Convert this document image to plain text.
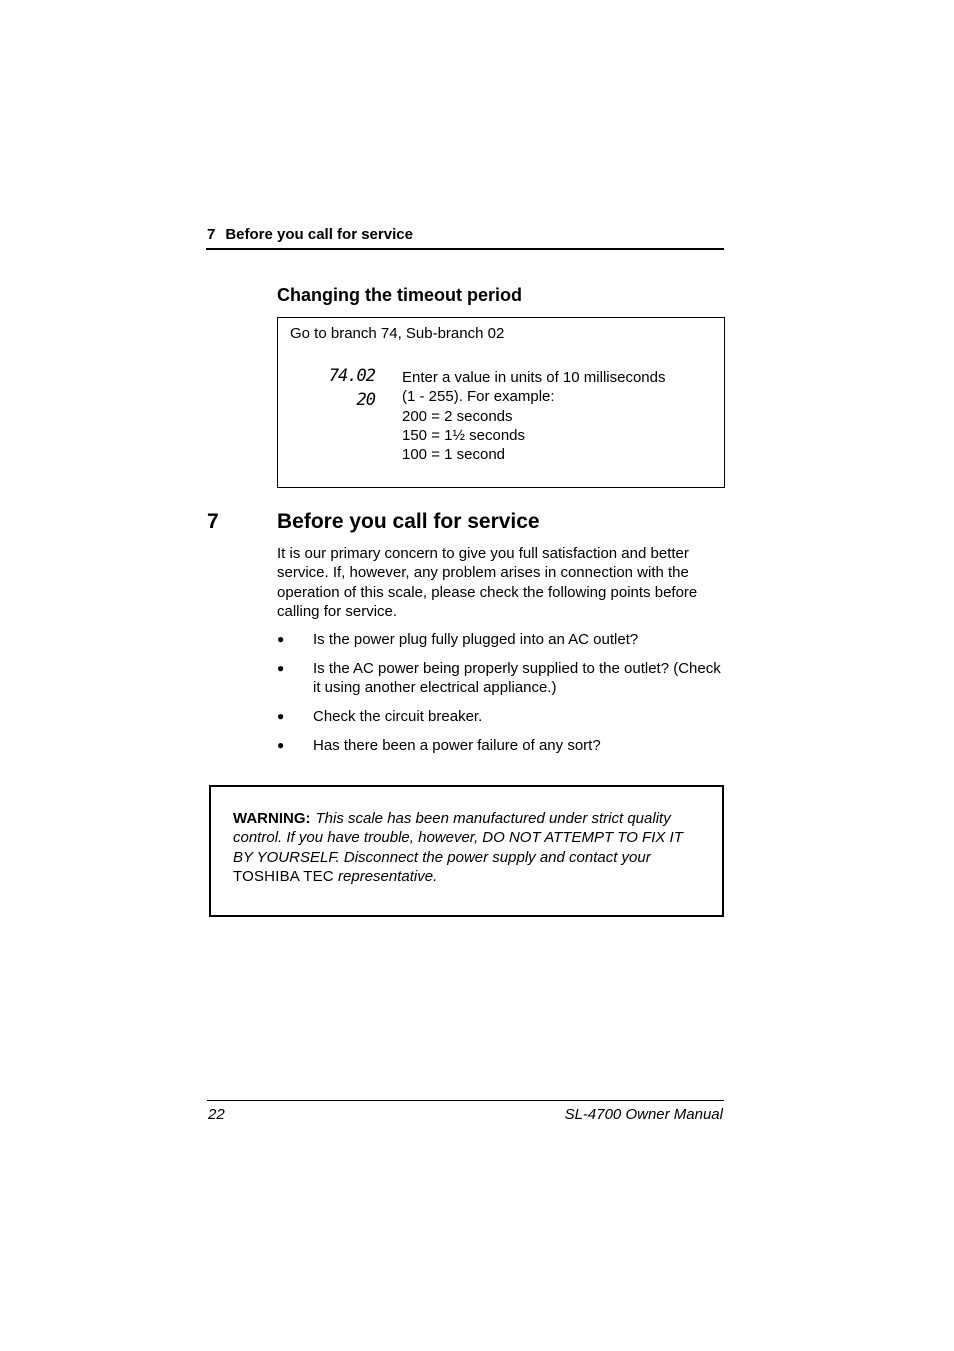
7 Before you call for service
Changing the timeout period
Go to branch 74, Sub-branch 02
74.02
20
Enter a value in units of 10 milliseconds
(1 - 255). For example:
200 = 2 seconds
150 = 1½ seconds
100 = 1 second
7	Before you call for service
It is our primary concern to give you full satisfaction and better service. If, however, any problem arises in connection with the operation of this scale, please check the following points before calling for service.
● Is the power plug fully plugged into an AC outlet?
● Is the AC power being properly supplied to the outlet? (Check it using another electrical appliance.)
● Check the circuit breaker.
● Has there been a power failure of any sort?
WARNING: This scale has been manufactured under strict quality control. If you have trouble, however, DO NOT ATTEMPT TO FIX IT BY YOURSELF. Disconnect the power supply and contact your TOSHIBA TEC representative.
22	SL-4700 Owner Manual
